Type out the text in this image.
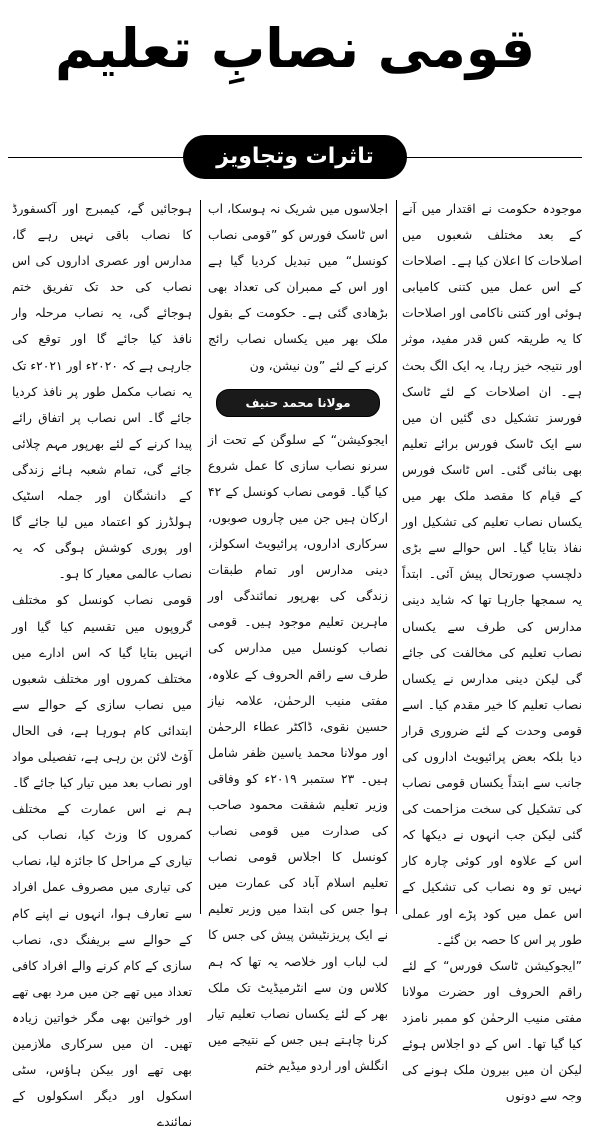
قومی نصابِ تعلیم
تاثرات وتجاویز

موجودہ حکومت نے اقتدار میں آنے کے بعد مختلف شعبوں میں اصلاحات کا اعلان کیا ہے۔ اصلاحات کے اس عمل میں کتنی کامیابی ہوئی اور کتنی ناکامی اور اصلاحات کا یہ طریقہ کس قدر مفید، موثر اور نتیجہ خیز رہا، یہ ایک الگ بحث ہے۔ ان اصلاحات کے لئے ٹاسک فورسز تشکیل دی گئیں ان میں سے ایک ٹاسک فورس برائے تعلیم بھی بنائی گئی۔ اس ٹاسک فورس کے قیام کا مقصد ملک بھر میں یکساں نصاب تعلیم کی تشکیل اور نفاذ بتایا گیا۔ اس حوالے سے بڑی دلچسپ صورتحال پیش آئی۔ ابتداً یہ سمجھا جارہا تھا کہ شاید دینی مدارس کی طرف سے یکساں نصاب تعلیم کی مخالفت کی جائے گی لیکن دینی مدارس نے یکساں نصاب تعلیم کا خیر مقدم کیا۔ اسے قومی وحدت کے لئے ضروری قرار دیا بلکہ بعض پرائیویٹ اداروں کی جانب سے ابتداً یکساں قومی نصاب کی تشکیل کی سخت مزاحمت کی گئی لیکن جب انہوں نے دیکھا کہ اس کے علاوہ اور کوئی چارہ کار نہیں تو وہ نصاب کی تشکیل کے اس عمل میں کود پڑے اور عملی طور پر اس کا حصہ بن گئے۔

”ایجوکیشن ٹاسک فورس“ کے لئے راقم الحروف اور حضرت مولانا مفتی منیب الرحمٰن کو ممبر نامزد کیا گیا تھا۔ اس کے دو اجلاس ہوئے لیکن ان میں بیرون ملک ہونے کی وجہ سے دونوں

اجلاسوں میں شریک نہ ہوسکا، اب اس ٹاسک فورس کو ”قومی نصاب کونسل“ میں تبدیل کردیا گیا ہے اور اس کے ممبران کی تعداد بھی بڑھادی گئی ہے۔ حکومت کے بقول ملک بھر میں یکساں نصاب رائج کرنے کے لئے ”ون نیشن، ون

مولانا محمد حنیف جالندھری

ایجوکیشن“ کے سلوگن کے تحت از سرنو نصاب سازی کا عمل شروع کیا گیا۔ قومی نصاب کونسل کے ۴۲ ارکان ہیں جن میں چاروں صوبوں، سرکاری اداروں، پرائیویٹ اسکولز، دینی مدارس اور تمام طبقات زندگی کی بھرپور نمائندگی اور ماہرین تعلیم موجود ہیں۔ قومی نصاب کونسل میں مدارس کی طرف سے راقم الحروف کے علاوہ، مفتی منیب الرحمٰن، علامہ نیاز حسین نقوی، ڈاکٹر عطاء الرحمٰن اور مولانا محمد یاسین ظفر شامل ہیں۔ ۲۳ ستمبر ۲۰۱۹ء کو وفاقی وزیر تعلیم شفقت محمود صاحب کی صدارت میں قومی نصاب کونسل کا اجلاس قومی نصاب تعلیم اسلام آباد کی عمارت میں ہوا جس کی ابتدا میں وزیر تعلیم نے ایک پریزنٹیشن پیش کی جس کا لب لباب اور خلاصہ یہ تھا کہ ہم کلاس ون سے انٹرمیڈیٹ تک ملک بھر کے لئے یکساں نصاب تعلیم تیار کرنا چاہتے ہیں جس کے نتیجے میں انگلش اور اردو میڈیم ختم

ہوجائیں گے، کیمبرج اور آکسفورڈ کا نصاب باقی نہیں رہے گا، مدارس اور عصری اداروں کی اس نصاب کی حد تک تفریق ختم ہوجائے گی، یہ نصاب مرحلہ وار نافذ کیا جائے گا اور توقع کی جارہی ہے کہ ۲۰۲۰ء اور ۲۰۲۱ء تک یہ نصاب مکمل طور پر نافذ کردیا جائے گا۔ اس نصاب پر اتفاق رائے پیدا کرنے کے لئے بھرپور مہم چلائی جائے گی، تمام شعبہ ہائے زندگی کے دانشگان اور جملہ اسٹیک ہولڈرز کو اعتماد میں لیا جائے گا اور پوری کوشش ہوگی کہ یہ نصاب عالمی معیار کا ہو۔

قومی نصاب کونسل کو مختلف گروپوں میں تقسیم کیا گیا اور انہیں بتایا گیا کہ اس ادارے میں مختلف کمروں اور مختلف شعبوں میں نصاب سازی کے حوالے سے ابتدائی کام ہورہا ہے، فی الحال آؤٹ لائن بن رہی ہے، تفصیلی مواد اور نصاب بعد میں تیار کیا جائے گا۔ ہم نے اس عمارت کے مختلف کمروں کا وزٹ کیا، نصاب کی تیاری کے مراحل کا جائزہ لیا، نصاب کی تیاری میں مصروف عمل افراد سے تعارف ہوا، انہوں نے اپنے کام کے حوالے سے بریفنگ دی، نصاب سازی کے کام کرنے والے افراد کافی تعداد میں تھے جن میں مرد بھی تھے اور خواتین بھی مگر خواتین زیادہ تھیں۔ ان میں سرکاری ملازمین بھی تھے اور بیکن ہاؤس، سٹی اسکول اور دیگر اسکولوں کے نمائندے
